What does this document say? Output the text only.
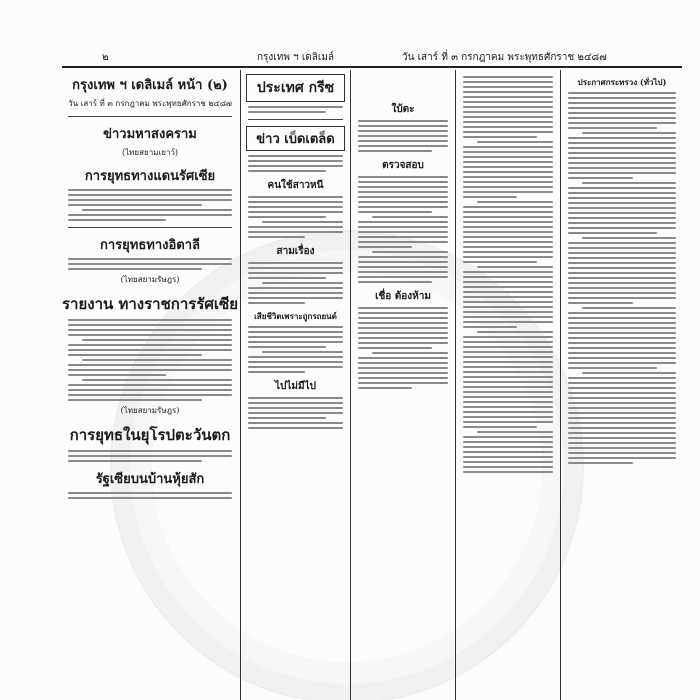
๒	กรุงเทพ ฯ เดลิเมล์	วัน เสาร์ ที่ ๓ กรกฎาคม พระพุทธศักราช ๒๔๘๗
กรุงเทพ ฯ เดลิเมล์ หน้า (๒)
วัน เสาร์ ที่ ๓ กรกฎาคม พระพุทธศักราช ๒๔๘๗
ข่าวมหาสงคราม
(ไทยสยามเยาว์)
การยุทธทางแดนรัศเซีย
การยุทธทางอิตาลี
(ไทยสยามรัษฎร)
รายงาน ทางราชการรัศเซีย
(ไทยสยามรัษฎร)
การยุทธในยุโรปตะวันตก
รัฐเซียบนบ้านหุ้ยสัก
ประเทศ กรีซ
ข่าว เบ็ดเตล็ด
คนใช้สาวหนี
สามเรื่อง
เสียชีวิตเพราะถูกรถยนต์
ไปไม่มีไป
ใบ้ตะ
ตรวจสอบ
เชื่อ ต้องห้าม
ประกาศกระทรวง (ทั่วไป)
